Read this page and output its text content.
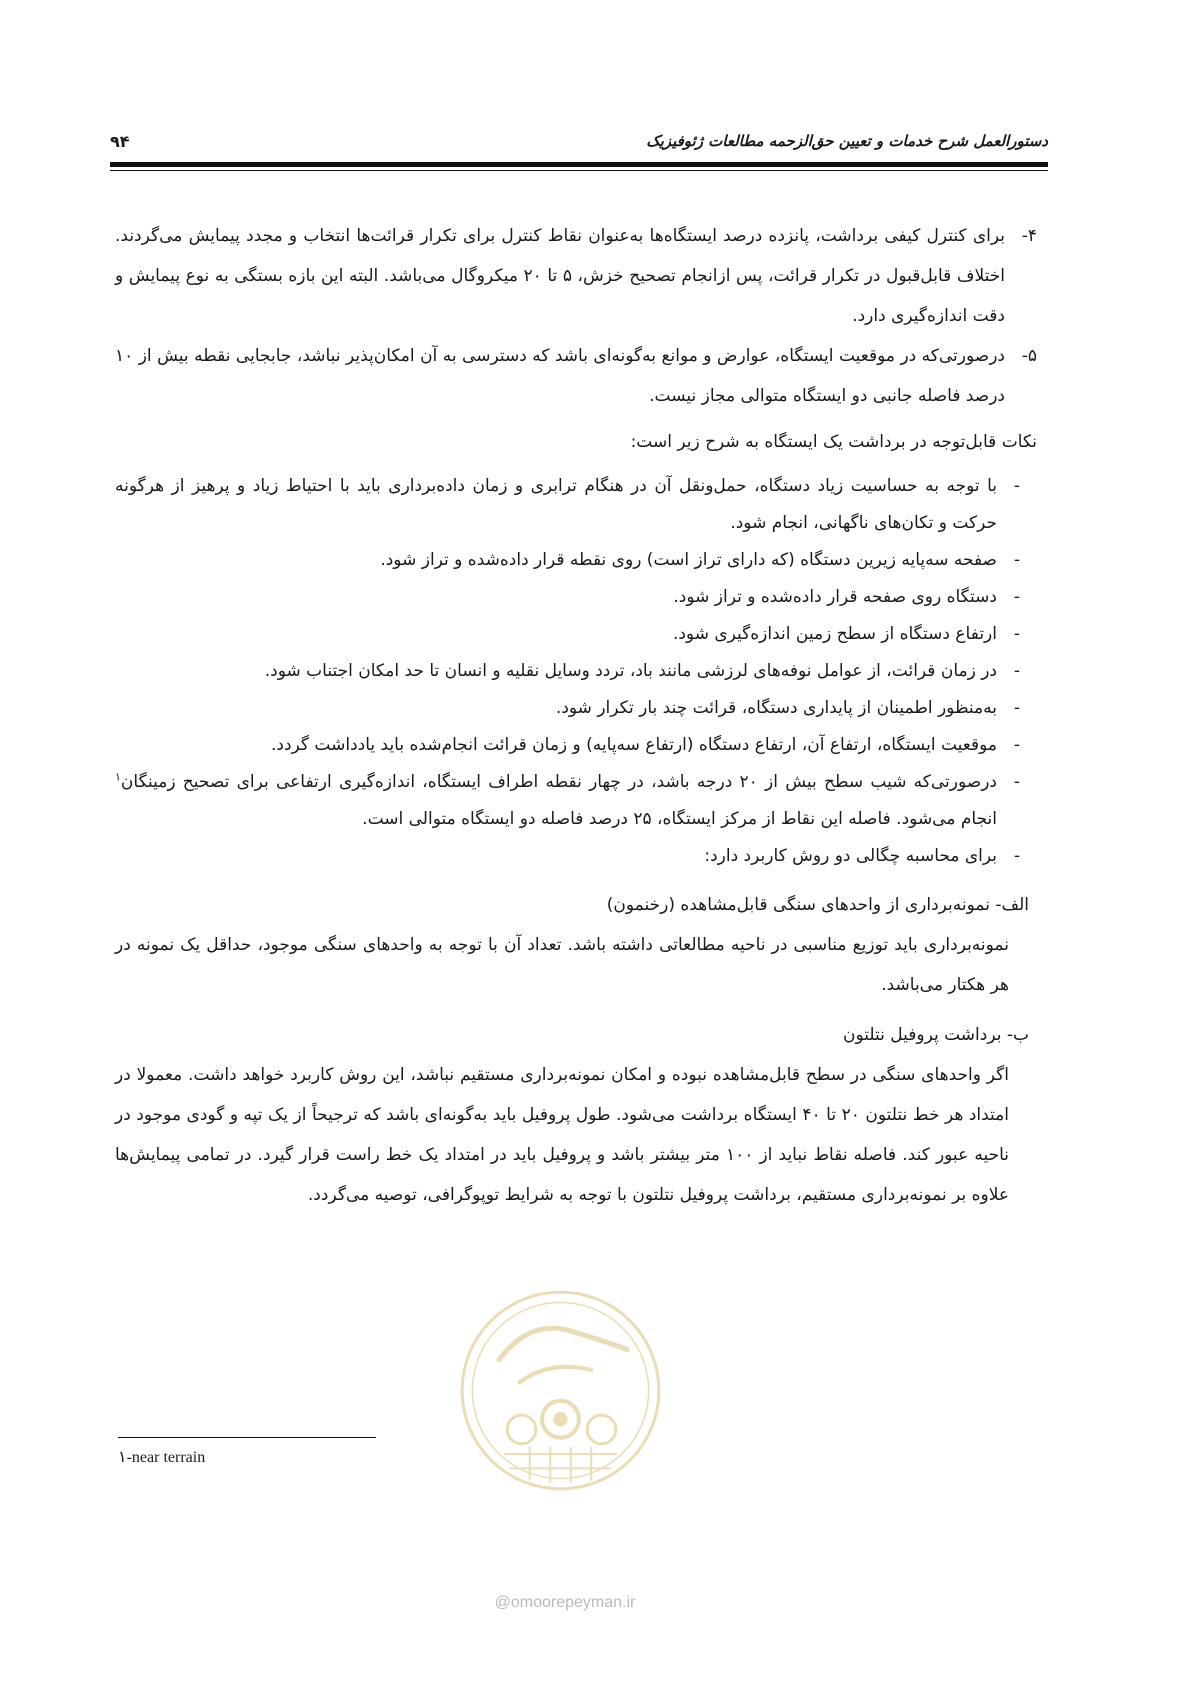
دستورالعمل شرح خدمات و تعیین حق‌الزحمه مطالعات ژئوفیزیک
۹۴
۴-
برای کنترل کیفی برداشت، پانزده درصد ایستگاه‌ها به‌عنوان نقاط کنترل برای تکرار قرائت‌ها انتخاب و مجدد پیمایش می‌گردند. اختلاف قابل‌قبول در تکرار قرائت، پس ازانجام تصحیح خزش، ۵ تا ۲۰ میکروگال می‌باشد. البته این بازه بستگی به نوع پیمایش و دقت اندازه‌گیری دارد.
۵-
درصورتی‌که در موقعیت ایستگاه، عوارض و موانع به‌گونه‌ای باشد که دسترسی به آن امکان‌پذیر نباشد، جابجایی نقطه بیش از ۱۰ درصد فاصله جانبی دو ایستگاه متوالی مجاز نیست.

نکات قابل‌توجه در برداشت یک ایستگاه به شرح زیر است:

-
با توجه به حساسیت زیاد دستگاه، حمل‌ونقل آن در هنگام ترابری و زمان داده‌برداری باید با احتیاط زیاد و پرهیز از هرگونه حرکت و تکان‌های ناگهانی، انجام شود.
-
صفحه سه‌پایه زیرین دستگاه (که دارای تراز است) روی نقطه قرار داده‌شده و تراز شود.
-
دستگاه روی صفحه قرار داده‌شده و تراز شود.
-
ارتفاع دستگاه از سطح زمین اندازه‌گیری شود.
-
در زمان قرائت، از عوامل نوفه‌های لرزشی مانند باد، تردد وسایل نقلیه و انسان تا حد امکان اجتناب شود.
-
به‌منظور اطمینان از پایداری دستگاه، قرائت چند بار تکرار شود.
-
موقعیت ایستگاه، ارتفاع آن، ارتفاع دستگاه (ارتفاع سه‌پایه) و زمان قرائت انجام‌شده باید یادداشت گردد.
-
درصورتی‌که شیب سطح بیش از ۲۰ درجه باشد، در چهار نقطه اطراف ایستگاه، اندازه‌گیری ارتفاعی برای تصحیح زمینگان$^۱$ انجام می‌شود. فاصله این نقاط از مرکز ایستگاه، ۲۵ درصد فاصله دو ایستگاه متوالی است.
-
برای محاسبه چگالی دو روش کاربرد دارد:
الف- نمونه‌برداری از واحدهای سنگی قابل‌مشاهده (رخنمون)
نمونه‌برداری باید توزیع مناسبی در ناحیه مطالعاتی داشته باشد. تعداد آن با توجه به واحدهای سنگی موجود، حداقل یک نمونه در هر هکتار می‌باشد.
ب- برداشت پروفیل نتلتون
اگر واحدهای سنگی در سطح قابل‌مشاهده نبوده و امکان نمونه‌برداری مستقیم نباشد، این روش کاربرد خواهد داشت. معمولا در امتداد هر خط نتلتون ۲۰ تا ۴۰ ایستگاه برداشت می‌شود. طول پروفیل باید به‌گونه‌ای باشد که ترجیحاً از یک تپه و گودی موجود در ناحیه عبور کند. فاصله نقاط نباید از ۱۰۰ متر بیشتر باشد و پروفیل باید در امتداد یک خط راست قرار گیرد. در تمامی پیمایش‌ها علاوه بر نمونه‌برداری مستقیم، برداشت پروفیل نتلتون با توجه به شرایط توپوگرافی، توصیه می‌گردد.
@omoorepeyman.ir
۱-near terrain
